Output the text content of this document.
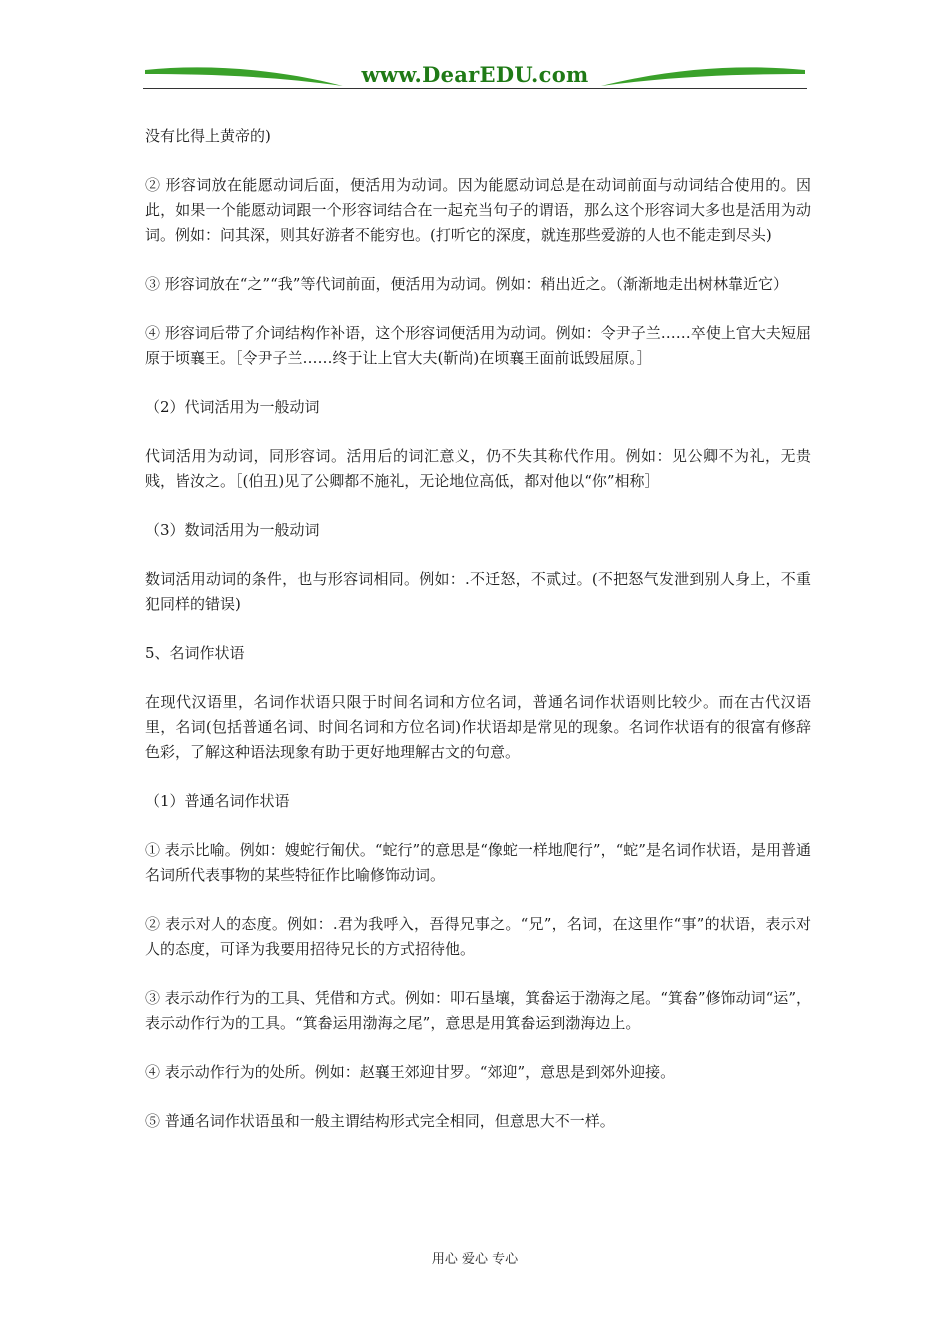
www.DearEDU.com

没有比得上黄帝的)

② 形容词放在能愿动词后面，便活用为动词。因为能愿动词总是在动词前面与动词结合使用的。因此，如果一个能愿动词跟一个形容词结合在一起充当句子的谓语，那么这个形容词大多也是活用为动词。例如：问其深，则其好游者不能穷也。(打听它的深度，就连那些爱游的人也不能走到尽头)

③ 形容词放在“之”“我”等代词前面，便活用为动词。例如：稍出近之。（渐渐地走出树林靠近它）

④ 形容词后带了介词结构作补语，这个形容词便活用为动词。例如：令尹子兰……卒使上官大夫短屈原于顷襄王。［令尹子兰……终于让上官大夫(靳尚)在顷襄王面前诋毁屈原。］

（2）代词活用为一般动词

代词活用为动词，同形容词。活用后的词汇意义，仍不失其称代作用。例如：见公卿不为礼，无贵贱，皆汝之。［(伯丑)见了公卿都不施礼，无论地位高低，都对他以“你”相称］

（3）数词活用为一般动词

数词活用动词的条件，也与形容词相同。例如：.不迁怒，不贰过。(不把怒气发泄到别人身上，不重犯同样的错误)

5、名词作状语

在现代汉语里，名词作状语只限于时间名词和方位名词，普通名词作状语则比较少。而在古代汉语里，名词(包括普通名词、时间名词和方位名词)作状语却是常见的现象。名词作状语有的很富有修辞色彩，了解这种语法现象有助于更好地理解古文的句意。

（1）普通名词作状语

① 表示比喻。例如：嫂蛇行匍伏。“蛇行”的意思是“像蛇一样地爬行”，“蛇”是名词作状语，是用普通名词所代表事物的某些特征作比喻修饰动词。

② 表示对人的态度。例如：.君为我呼入，吾得兄事之。“兄”，名词，在这里作“事”的状语，表示对人的态度，可译为我要用招待兄长的方式招待他。

③ 表示动作行为的工具、凭借和方式。例如：叩石垦壤，箕畚运于渤海之尾。“箕畚”修饰动词“运”，表示动作行为的工具。“箕畚运用渤海之尾”，意思是用箕畚运到渤海边上。

④ 表示动作行为的处所。例如：赵襄王郊迎甘罗。“郊迎”，意思是到郊外迎接。

⑤ 普通名词作状语虽和一般主谓结构形式完全相同，但意思大不一样。

用心 爱心 专心
